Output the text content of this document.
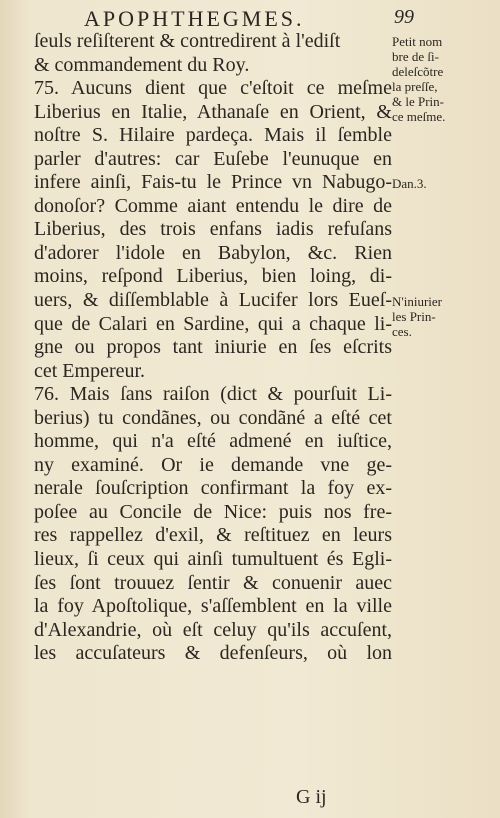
APOPHTHEGMES.	99
ſeuls reſiſterent & contredirent à l'ediſt
& commandement du Roy.
75. Aucuns dient que c'eſtoit ce meſme
Liberius en Italie, Athanaſe en Orient, &
noſtre S. Hilaire pardeça. Mais il ſemble
parler d'autres: car Euſebe l'eunuque en
infere ainſi, Fais-tu le Prince vn Nabugo-
donoſor? Comme aiant entendu le dire de
Liberius, des trois enfans iadis refuſans
d'adorer l'idole en Babylon, &c. Rien
moins, reſpond Liberius, bien loing, di-
uers, & diſſemblable à Lucifer lors Eueſ-
que de Calari en Sardine, qui a chaque li-
gne ou propos tant iniurie en ſes eſcrits
cet Empereur.
76. Mais ſans raiſon (dict & pourſuit Li-
berius) tu condãnes, ou condãné a eſté cet
homme, qui n'a eſté admené en iuſtice,
ny examiné. Or ie demande vne ge-
nerale ſouſcription confirmant la foy ex-
poſee au Concile de Nice: puis nos fre-
res rappellez d'exil, & reſtituez en leurs
lieux, ſi ceux qui ainſi tumultuent és Egli-
ſes ſont trouuez ſentir & conuenir auec
la foy Apoſtolique, s'aſſemblent en la ville
d'Alexandrie, où eſt celuy qu'ils accuſent,
les accuſateurs & defenſeurs, où lon
Petit nom
bre de ſi-
deleſcõtre
la preſſe,
& le Prin-
ce meſme.
Dan.3.
N'iniurier
les Prin-
ces.
G ij
